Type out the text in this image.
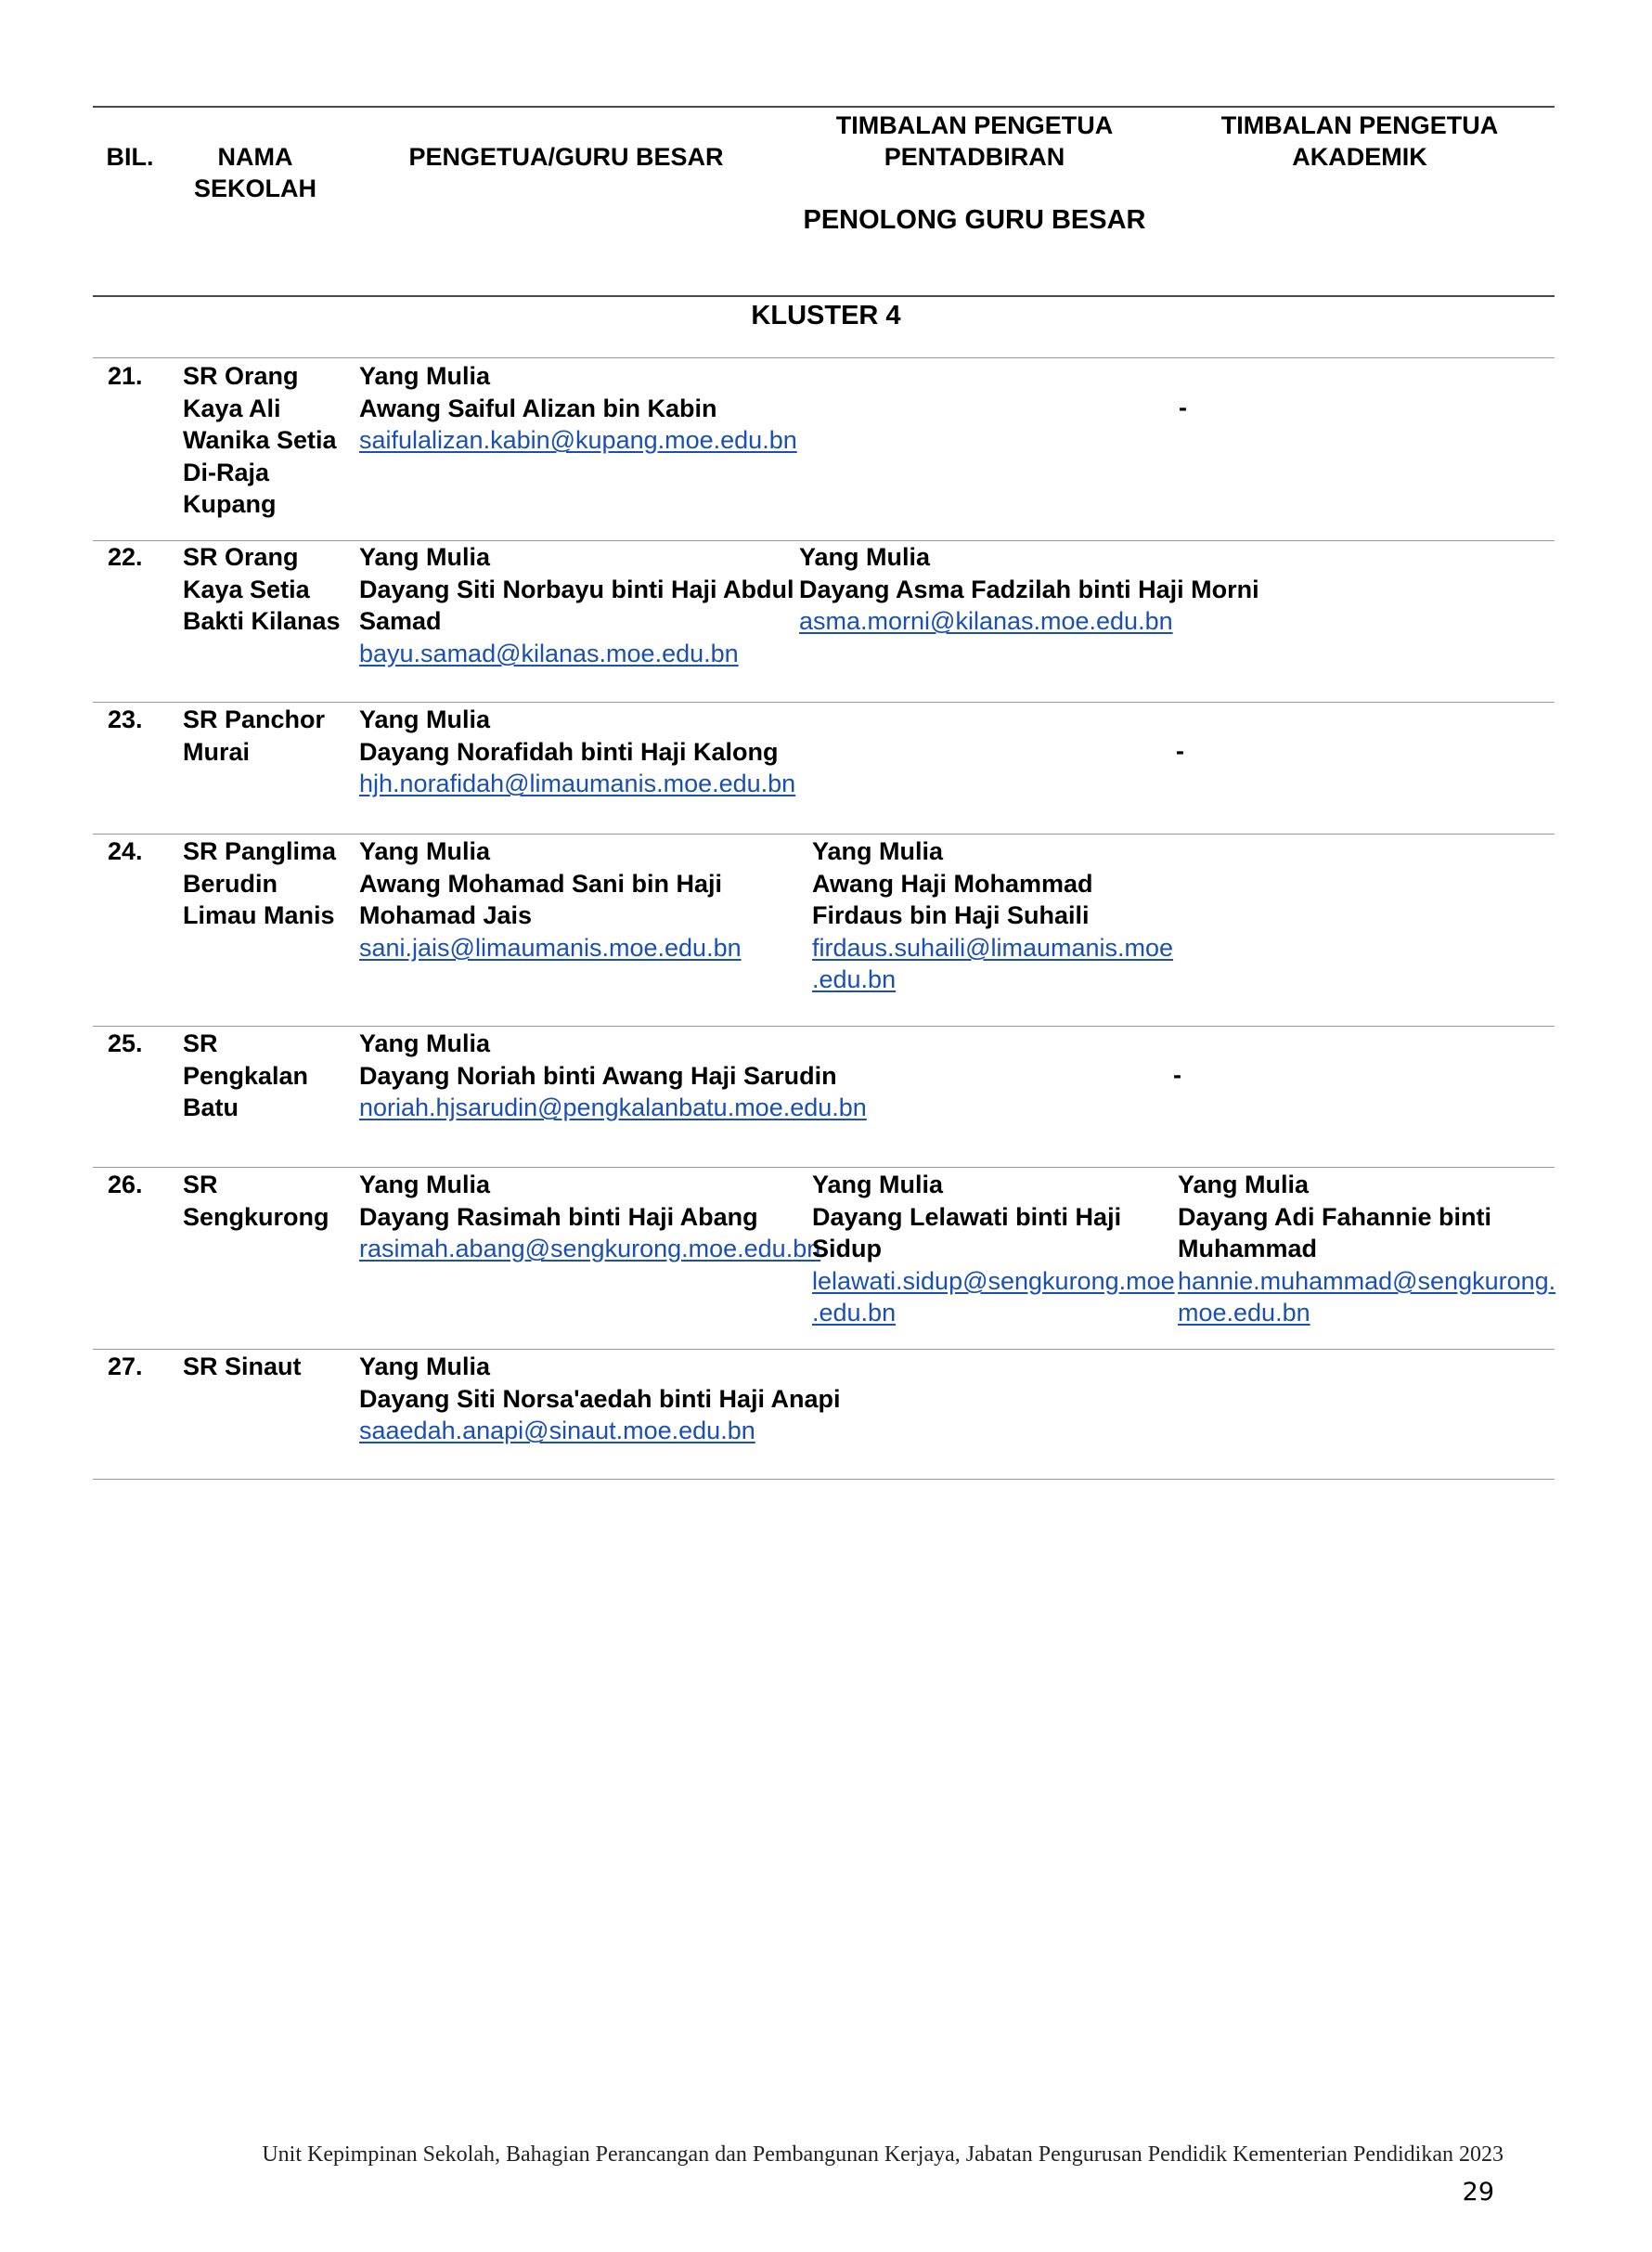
BIL.	NAMA
SEKOLAH
PENGETUA/GURU BESAR
TIMBALAN PENGETUA
PENTADBIRAN
PENOLONG GURU BESAR
TIMBALAN PENGETUA
AKADEMIK
KLUSTER 4
21. SR Orang
Kaya Ali
Wanika Setia
Di-Raja
Kupang
Yang Mulia
Awang Saiful Alizan bin Kabin
saifulalizan.kabin@kupang.moe.edu.bn
-
22. SR Orang
Kaya Setia
Bakti Kilanas
Yang Mulia
Dayang Siti Norbayu binti Haji Abdul
Samad
bayu.samad@kilanas.moe.edu.bn
Yang Mulia
Dayang Asma Fadzilah binti Haji Morni
asma.morni@kilanas.moe.edu.bn
23. SR Panchor
Murai
Yang Mulia
Dayang Norafidah binti Haji Kalong
hjh.norafidah@limaumanis.moe.edu.bn
-
24. SR Panglima
Berudin
Limau Manis
Yang Mulia
Awang Mohamad Sani bin Haji
Mohamad Jais
sani.jais@limaumanis.moe.edu.bn
Yang Mulia
Awang Haji Mohammad
Firdaus bin Haji Suhaili
firdaus.suhaili@limaumanis.moe
.edu.bn
25. SR
Pengkalan
Batu
Yang Mulia
Dayang Noriah binti Awang Haji Sarudin
noriah.hjsarudin@pengkalanbatu.moe.edu.bn
-
26. SR
Sengkurong
Yang Mulia
Dayang Rasimah binti Haji Abang
rasimah.abang@sengkurong.moe.edu.bn
Yang Mulia
Dayang Lelawati binti Haji
Sidup
lelawati.sidup@sengkurong.moe
.edu.bn
Yang Mulia
Dayang Adi Fahannie binti
Muhammad
hannie.muhammad@sengkurong.
moe.edu.bn
27. SR Sinaut Yang Mulia
Dayang Siti Norsa'aedah binti Haji Anapi
saaedah.anapi@sinaut.moe.edu.bn
Unit Kepimpinan Sekolah, Bahagian Perancangan dan Pembangunan Kerjaya, Jabatan Pengurusan Pendidik Kementerian Pendidikan 2023
29
